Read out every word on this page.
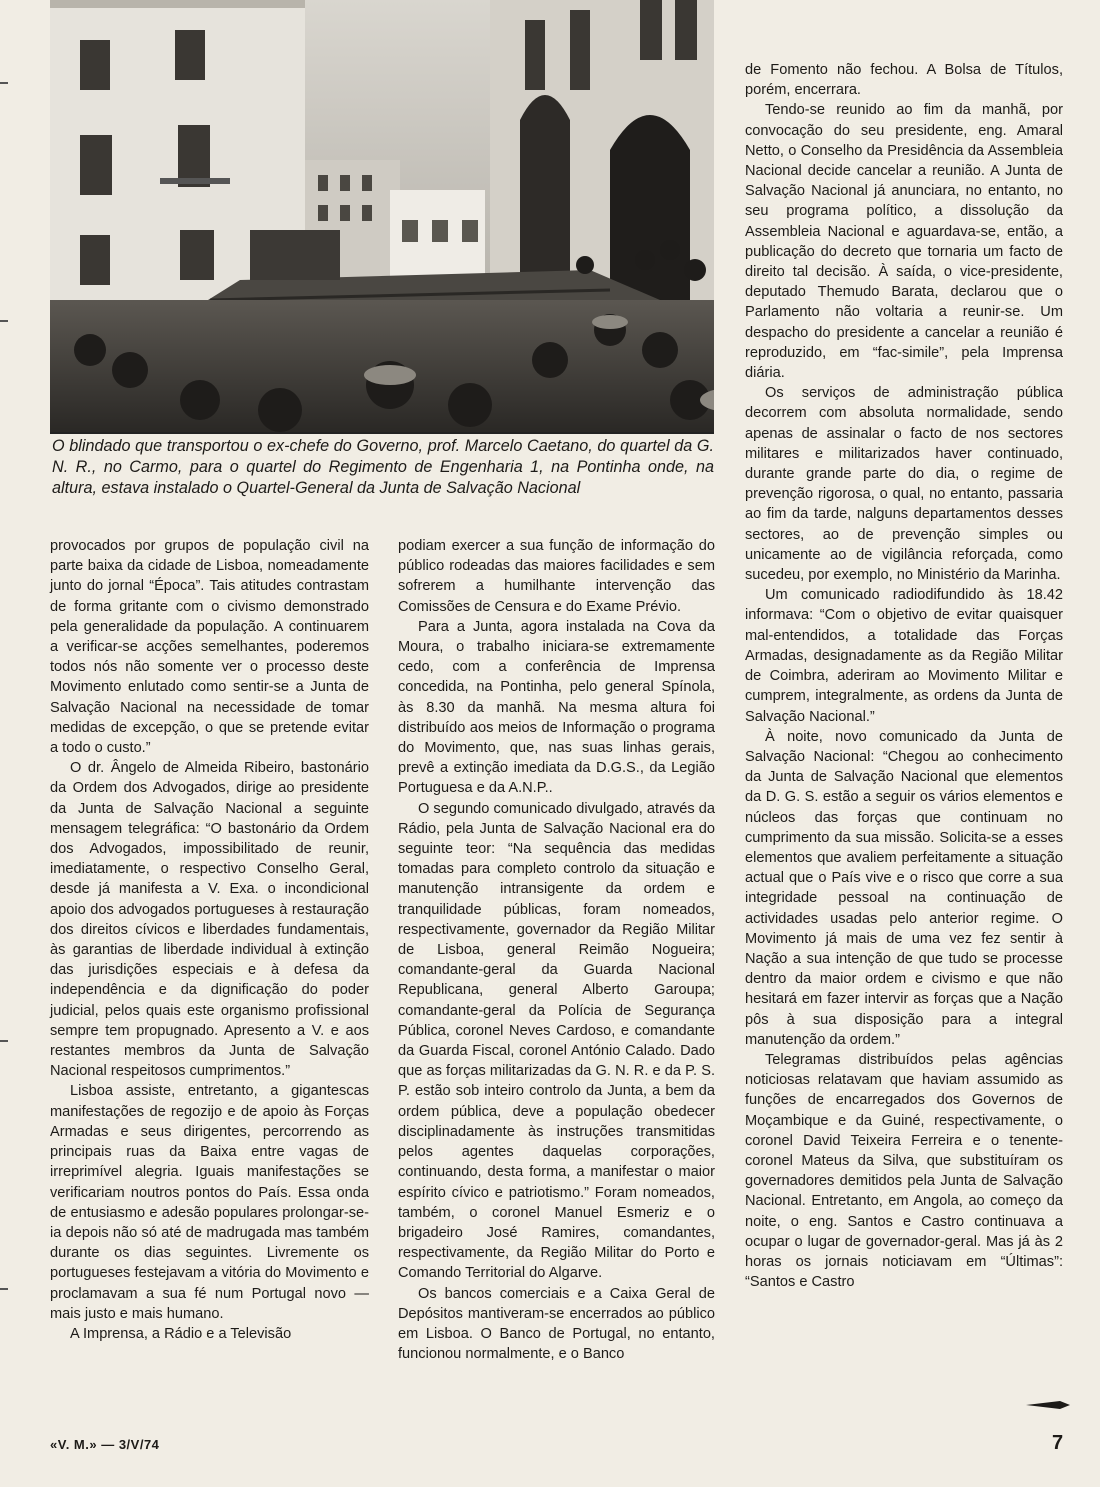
O blindado que transportou o ex-chefe do Governo, prof. Marcelo Caetano, do quartel da G. N. R., no Carmo, para o quartel do Regimento de Engenharia 1, na Pontinha onde, na altura, estava instalado o Quartel-General da Junta de Salvação Nacional

provocados por grupos de população civil na parte baixa da cidade de Lisboa, nomeadamente junto do jornal “Época”. Tais atitudes contrastam de forma gritante com o civismo demonstrado pela generalidade da população. A continuarem a verificar-se acções semelhantes, poderemos todos nós não somente ver o processo deste Movimento enlutado como sentir-se a Junta de Salvação Nacional na necessidade de tomar medidas de excepção, o que se pretende evitar a todo o custo.”

O dr. Ângelo de Almeida Ribeiro, bastonário da Ordem dos Advogados, dirige ao presidente da Junta de Salvação Nacional a seguinte mensagem telegráfica: “O bastonário da Ordem dos Advogados, impossibilitado de reunir, imediatamente, o respectivo Conselho Geral, desde já manifesta a V. Exa. o incondicional apoio dos advogados portugueses à restauração dos direitos cívicos e liberdades fundamentais, às garantias de liberdade individual à extinção das jurisdições especiais e à defesa da independência e da dignificação do poder judicial, pelos quais este organismo profissional sempre tem propugnado. Apresento a V. e aos restantes membros da Junta de Salvação Nacional respeitosos cumprimentos.”

Lisboa assiste, entretanto, a gigantescas manifestações de regozijo e de apoio às Forças Armadas e seus dirigentes, percorrendo as principais ruas da Baixa entre vagas de irreprimível alegria. Iguais manifestações se verificariam noutros pontos do País. Essa onda de entusiasmo e adesão populares prolongar-se-ia depois não só até de madrugada mas também durante os dias seguintes. Livremente os portugueses festejavam a vitória do Movimento e proclamavam a sua fé num Portugal novo — mais justo e mais humano.

A Imprensa, a Rádio e a Televisão

podiam exercer a sua função de informação do público rodeadas das maiores facilidades e sem sofrerem a humilhante intervenção das Comissões de Censura e do Exame Prévio.

Para a Junta, agora instalada na Cova da Moura, o trabalho iniciara-se extremamente cedo, com a conferência de Imprensa concedida, na Pontinha, pelo general Spínola, às 8.30 da manhã. Na mesma altura foi distribuído aos meios de Informação o programa do Movimento, que, nas suas linhas gerais, prevê a extinção imediata da D.G.S., da Legião Portuguesa e da A.N.P..

O segundo comunicado divulgado, através da Rádio, pela Junta de Salvação Nacional era do seguinte teor: “Na sequência das medidas tomadas para completo controlo da situação e manutenção intransigente da ordem e tranquilidade públicas, foram nomeados, respectivamente, governador da Região Militar de Lisboa, general Reimão Nogueira; comandante-geral da Guarda Nacional Republicana, general Alberto Garoupa; comandante-geral da Polícia de Segurança Pública, coronel Neves Cardoso, e comandante da Guarda Fiscal, coronel António Calado. Dado que as forças militarizadas da G. N. R. e da P. S. P. estão sob inteiro controlo da Junta, a bem da ordem pública, deve a população obedecer disciplinadamente às instruções transmitidas pelos agentes daquelas corporações, continuando, desta forma, a manifestar o maior espírito cívico e patriotismo.” Foram nomeados, também, o coronel Manuel Esmeriz e o brigadeiro José Ramires, comandantes, respectivamente, da Região Militar do Porto e Comando Territorial do Algarve.

Os bancos comerciais e a Caixa Geral de Depósitos mantiveram-se encerrados ao público em Lisboa. O Banco de Portugal, no entanto, funcionou normalmente, e o Banco

de Fomento não fechou. A Bolsa de Títulos, porém, encerrara.

Tendo-se reunido ao fim da manhã, por convocação do seu presidente, eng. Amaral Netto, o Conselho da Presidência da Assembleia Nacional decide cancelar a reunião. A Junta de Salvação Nacional já anunciara, no entanto, no seu programa político, a dissolução da Assembleia Nacional e aguardava-se, então, a publicação do decreto que tornaria um facto de direito tal decisão. À saída, o vice-presidente, deputado Themudo Barata, declarou que o Parlamento não voltaria a reunir-se. Um despacho do presidente a cancelar a reunião é reproduzido, em “fac-simile”, pela Imprensa diária.

Os serviços de administração pública decorrem com absoluta normalidade, sendo apenas de assinalar o facto de nos sectores militares e militarizados haver continuado, durante grande parte do dia, o regime de prevenção rigorosa, o qual, no entanto, passaria ao fim da tarde, nalguns departamentos desses sectores, ao de prevenção simples ou unicamente ao de vigilância reforçada, como sucedeu, por exemplo, no Ministério da Marinha.

Um comunicado radiodifundido às 18.42 informava: “Com o objetivo de evitar quaisquer mal-entendidos, a totalidade das Forças Armadas, designadamente as da Região Militar de Coimbra, aderiram ao Movimento Militar e cumprem, integralmente, as ordens da Junta de Salvação Nacional.”

À noite, novo comunicado da Junta de Salvação Nacional: “Chegou ao conhecimento da Junta de Salvação Nacional que elementos da D. G. S. estão a seguir os vários elementos e núcleos das forças que continuam no cumprimento da sua missão. Solicita-se a esses elementos que avaliem perfeitamente a situação actual que o País vive e o risco que corre a sua integridade pessoal na continuação de actividades usadas pelo anterior regime. O Movimento já mais de uma vez fez sentir à Nação a sua intenção de que tudo se processe dentro da maior ordem e civismo e que não hesitará em fazer intervir as forças que a Nação pôs à sua disposição para a integral manutenção da ordem.”

Telegramas distribuídos pelas agências noticiosas relatavam que haviam assumido as funções de encarregados dos Governos de Moçambique e da Guiné, respectivamente, o coronel David Teixeira Ferreira e o tenente-coronel Mateus da Silva, que substituíram os governadores demitidos pela Junta de Salvação Nacional. Entretanto, em Angola, ao começo da noite, o eng. Santos e Castro continuava a ocupar o lugar de governador-geral. Mas já às 2 horas os jornais noticiavam em “Últimas”: “Santos e Castro

«V. M.» — 3/V/74	7
